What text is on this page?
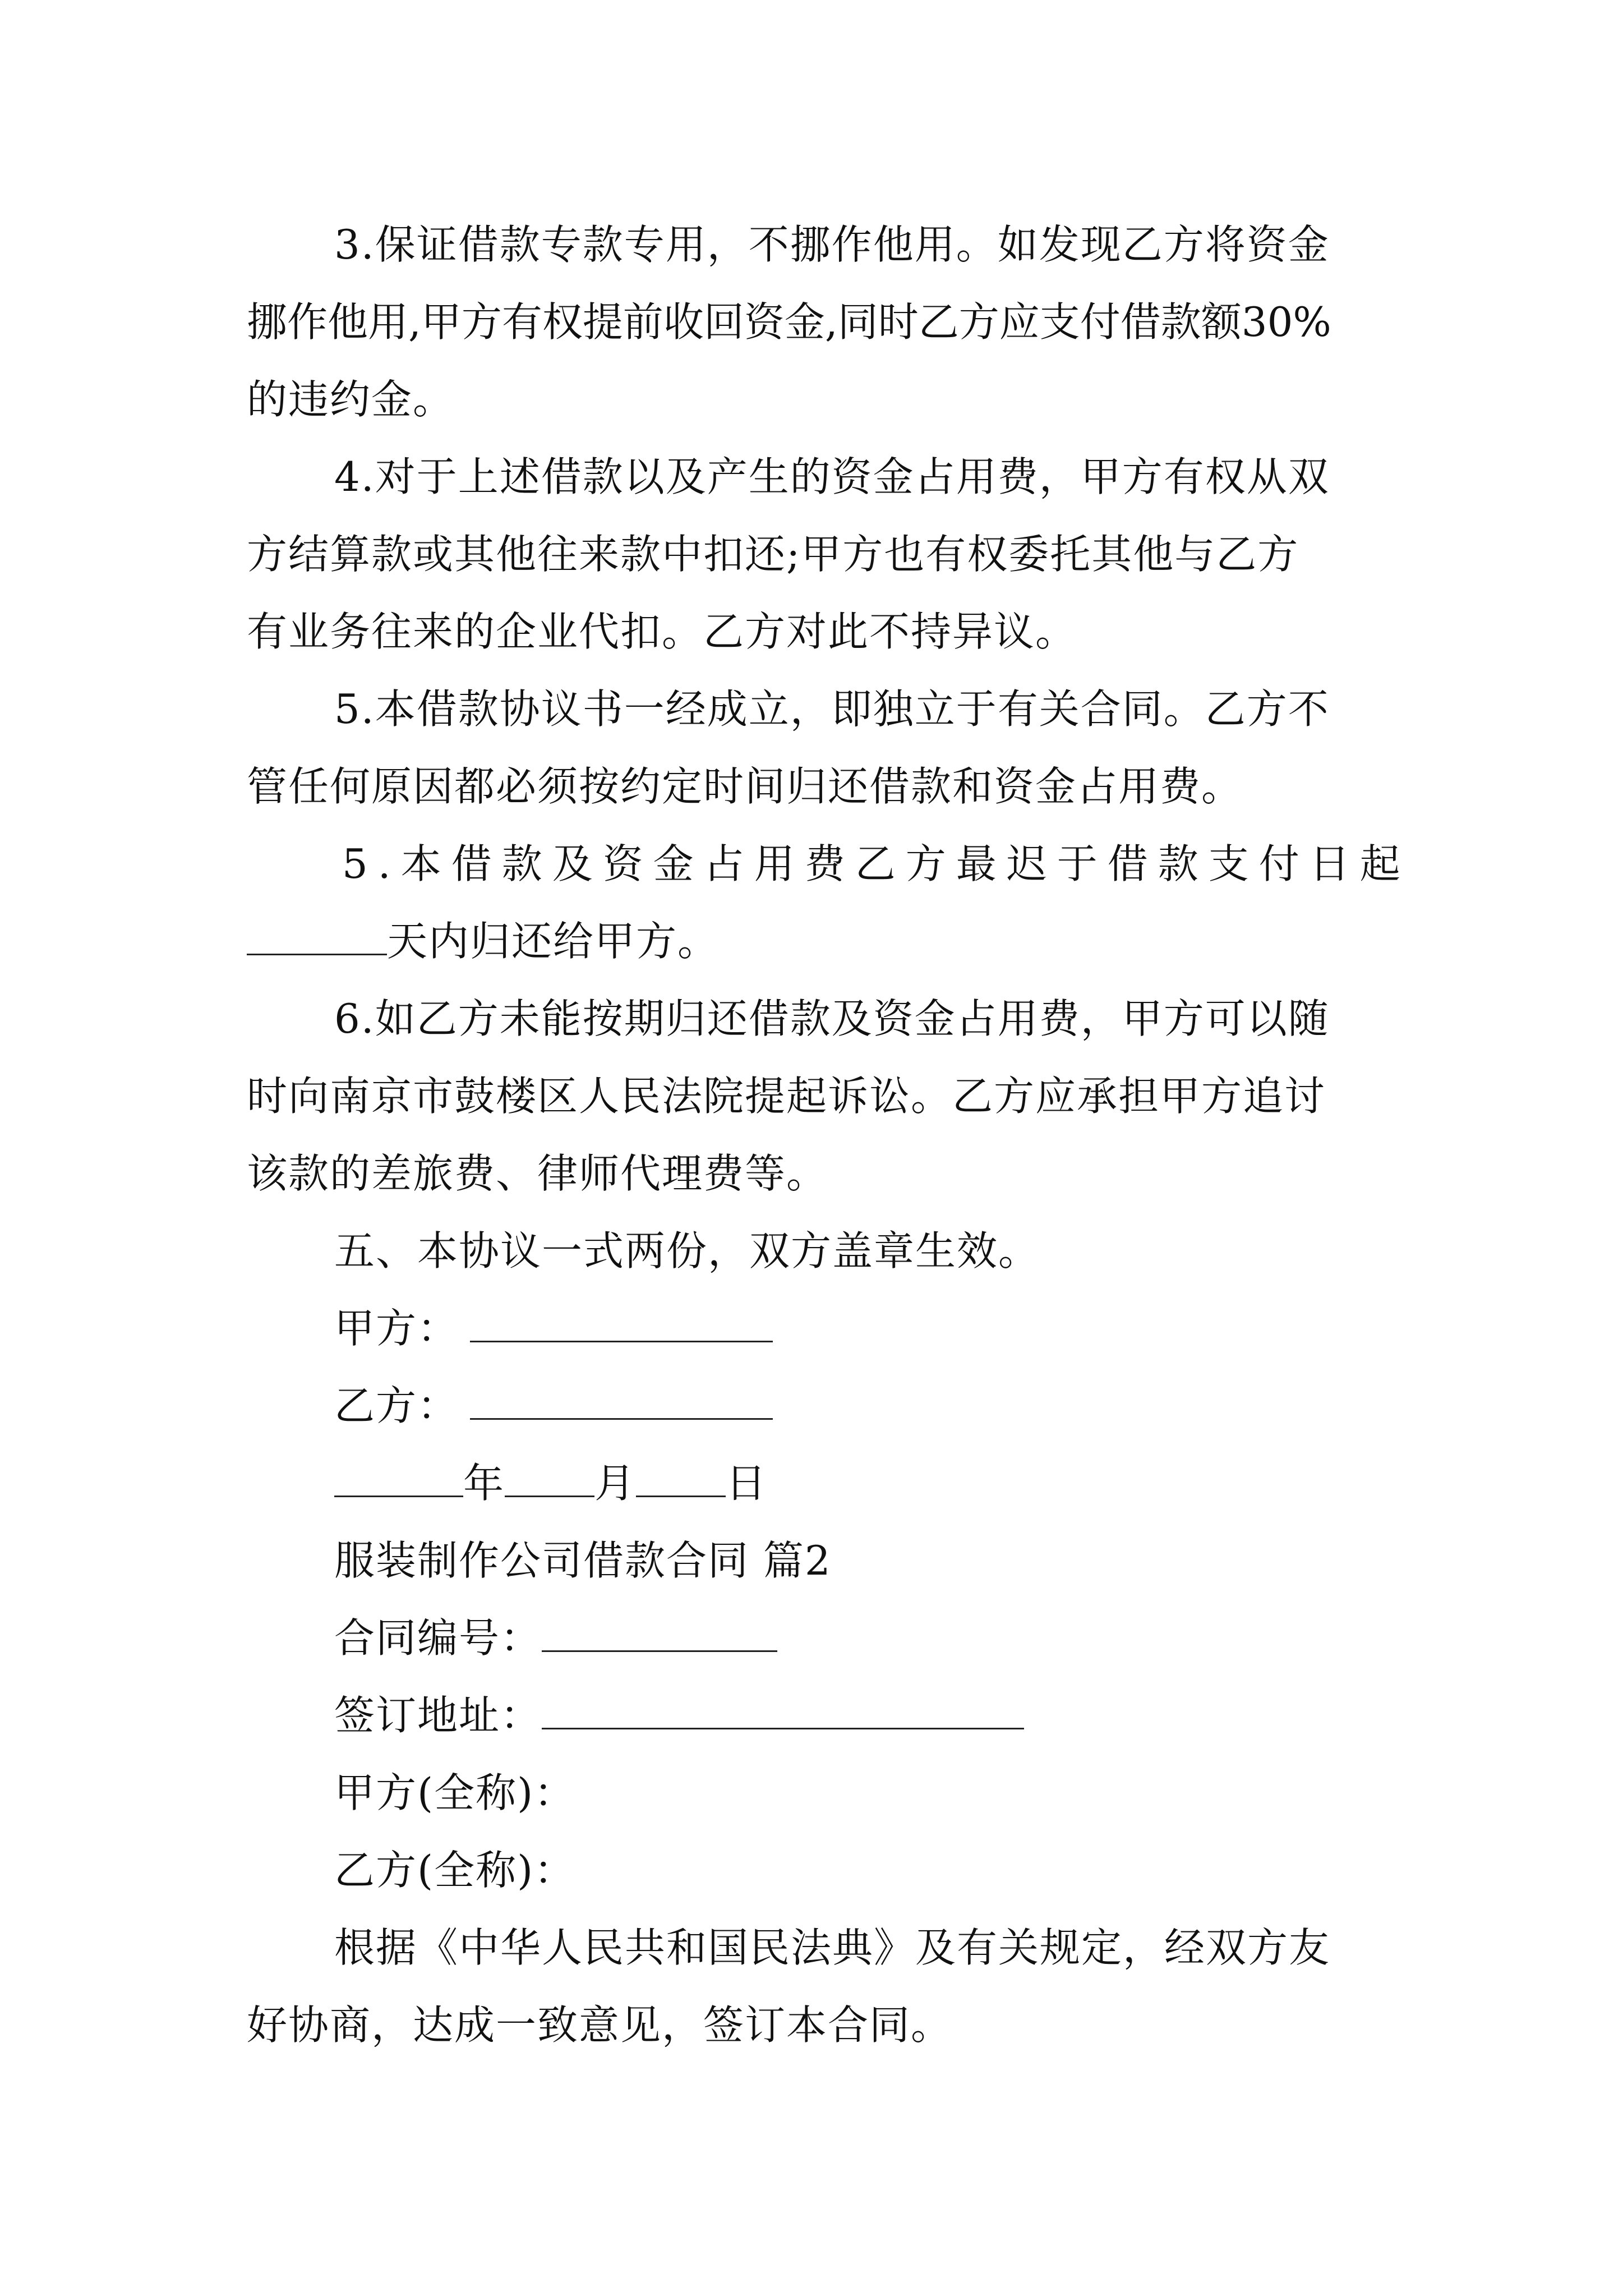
3.保证借款专款专用，不挪作他用。如发现乙方将资金
挪作他用,甲方有权提前收回资金,同时乙方应支付借款额30%
的违约金。
4.对于上述借款以及产生的资金占用费，甲方有权从双
方结算款或其他往来款中扣还;甲方也有权委托其他与乙方
有业务往来的企业代扣。乙方对此不持异议。
5.本借款协议书一经成立，即独立于有关合同。乙方不
管任何原因都必须按约定时间归还借款和资金占用费。
5.本借款及资金占用费乙方最迟于借款支付日起
天内归还给甲方。
6.如乙方未能按期归还借款及资金占用费，甲方可以随
时向南京市鼓楼区人民法院提起诉讼。乙方应承担甲方追讨
该款的差旅费、律师代理费等。
五、本协议一式两份，双方盖章生效。
甲方：
乙方：
年 月 日
服装制作公司借款合同 篇2
合同编号：
签订地址：
甲方(全称)：
乙方(全称)：
根据《中华人民共和国民法典》及有关规定，经双方友
好协商，达成一致意见，签订本合同。
